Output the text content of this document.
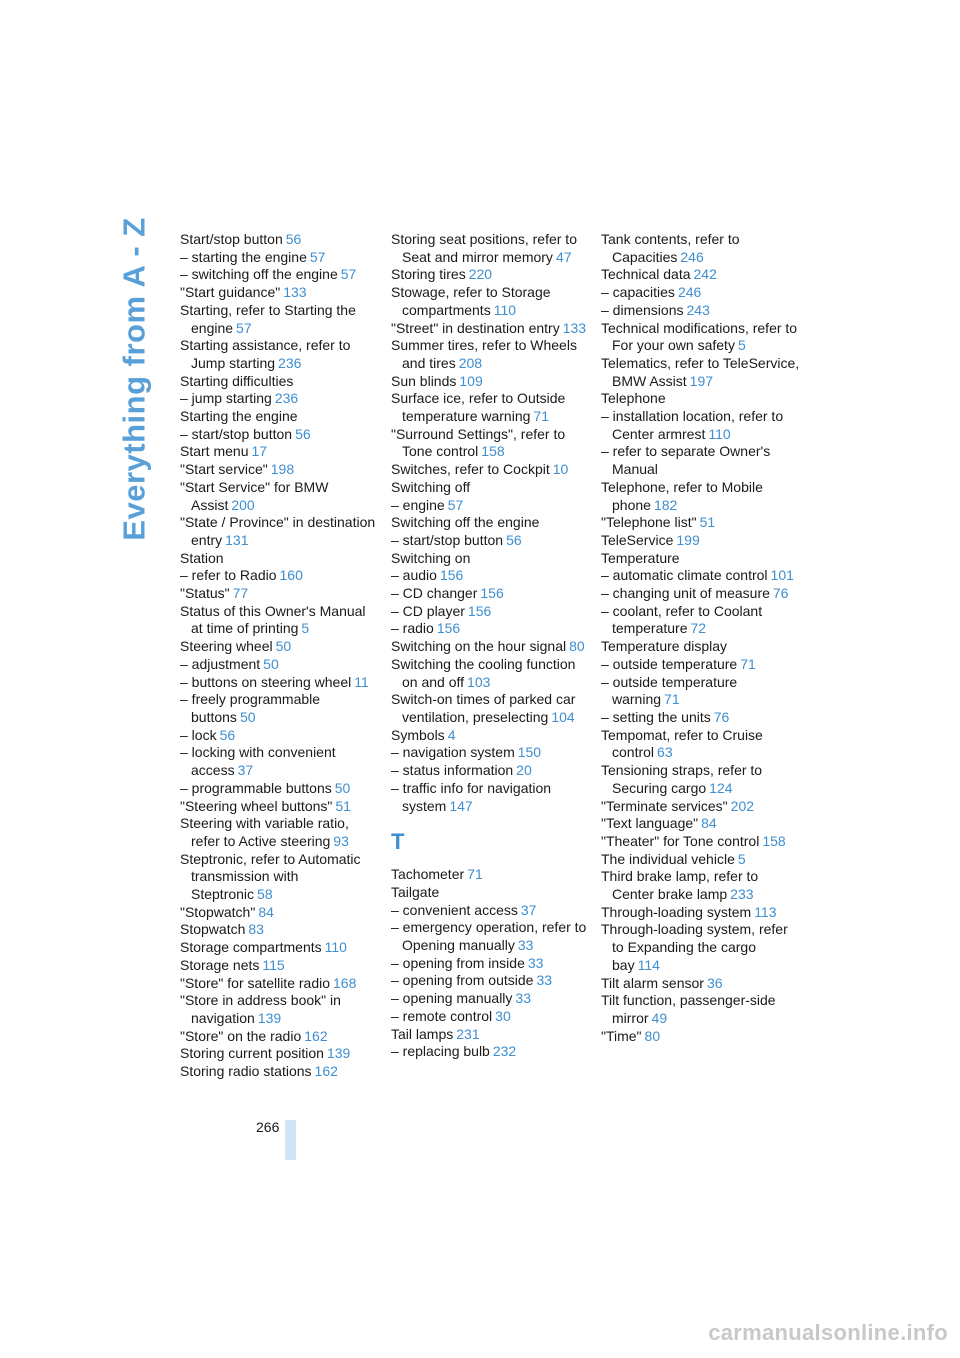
Everything from A - Z Start/stop button 56
– starting the engine 57
– switching off the engine 57
"Start guidance" 133
Starting, refer to Starting the engine 57
Starting assistance, refer to Jump starting 236
Starting difficulties
– jump starting 236
Starting the engine
– start/stop button 56
Start menu 17
"Start service" 198
"Start Service" for BMW Assist 200
"State / Province" in destination entry 131
Station
– refer to Radio 160
"Status" 77
Status of this Owner's Manual at time of printing 5
Steering wheel 50
– adjustment 50
– buttons on steering wheel 11
– freely programmable buttons 50
– lock 56
– locking with convenient access 37
– programmable buttons 50
"Steering wheel buttons" 51
Steering with variable ratio, refer to Active steering 93
Steptronic, refer to Automatic transmission with Steptronic 58
"Stopwatch" 84
Stopwatch 83
Storage compartments 110
Storage nets 115
"Store" for satellite radio 168
"Store in address book" in navigation 139
"Store" on the radio 162
Storing current position 139
Storing radio stations 162
Storing seat positions, refer to Seat and mirror memory 47
Storing tires 220
Stowage, refer to Storage compartments 110
"Street" in destination entry 133
Summer tires, refer to Wheels and tires 208
Sun blinds 109
Surface ice, refer to Outside temperature warning 71
"Surround Settings", refer to Tone control 158
Switches, refer to Cockpit 10
Switching off
– engine 57
Switching off the engine
– start/stop button 56
Switching on
– audio 156
– CD changer 156
– CD player 156
– radio 156
Switching on the hour signal 80
Switching the cooling function on and off 103
Switch-on times of parked car ventilation, preselecting 104
Symbols 4
– navigation system 150
– status information 20
– traffic info for navigation system 147
T
Tachometer 71
Tailgate
– convenient access 37
– emergency operation, refer to Opening manually 33
– opening from inside 33
– opening from outside 33
– opening manually 33
– remote control 30
Tail lamps 231
– replacing bulb 232
Tank contents, refer to Capacities 246
Technical data 242
– capacities 246
– dimensions 243
Technical modifications, refer to For your own safety 5
Telematics, refer to TeleService, BMW Assist 197
Telephone
– installation location, refer to Center armrest 110
– refer to separate Owner's Manual
Telephone, refer to Mobile phone 182
"Telephone list" 51
TeleService 199
Temperature
– automatic climate control 101
– changing unit of measure 76
– coolant, refer to Coolant temperature 72
Temperature display
– outside temperature 71
– outside temperature warning 71
– setting the units 76
Tempomat, refer to Cruise control 63
Tensioning straps, refer to Securing cargo 124
"Terminate services" 202
"Text language" 84
"Theater" for Tone control 158
The individual vehicle 5
Third brake lamp, refer to Center brake lamp 233
Through-loading system 113
Through-loading system, refer to Expanding the cargo bay 114
Tilt alarm sensor 36
Tilt function, passenger-side mirror 49
"Time" 80
266
carmanualsonline.info
